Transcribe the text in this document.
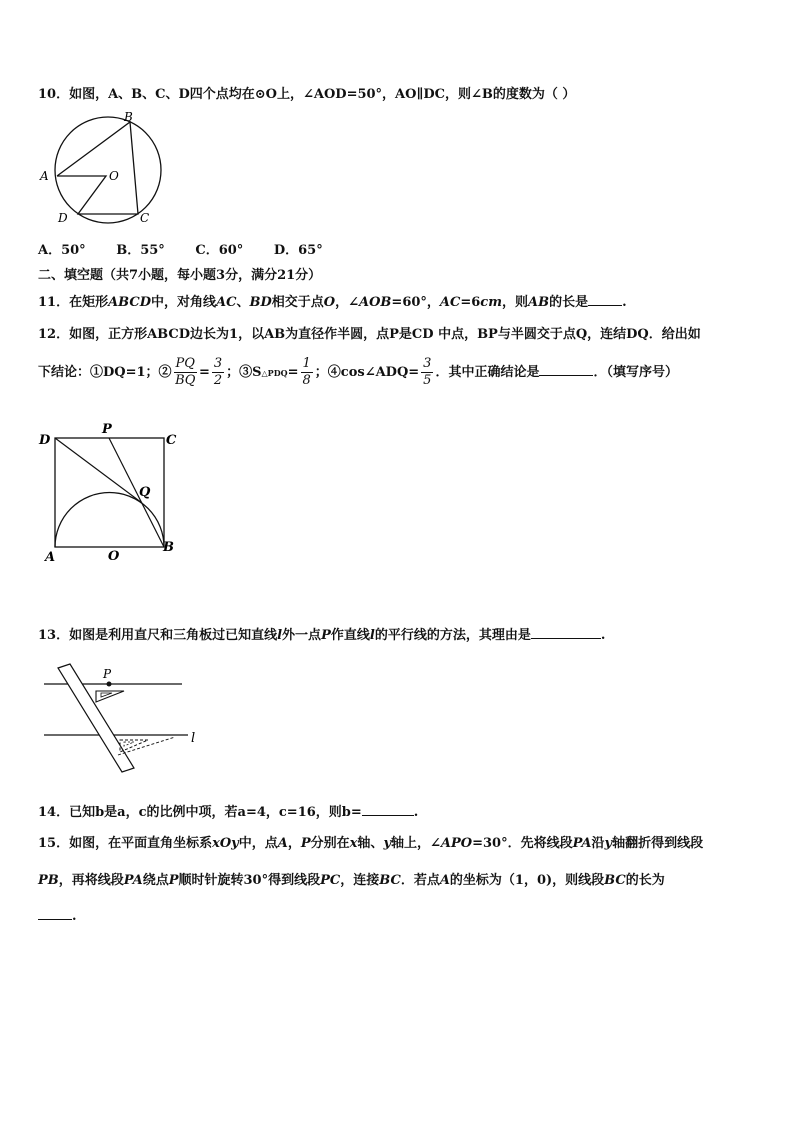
10．如图，A、B、C、D四个点均在⊙O上，∠AOD=50°，AO∥DC，则∠B的度数为（ ）
B
A	O
D	C
A．50° B．55° C．60° D．65°
二、填空题（共7小题，每小题3分，满分21分）
11．在矩形ABCD中，对角线AC、BD相交于点O，∠AOB=60°，AC=6cm，则AB的长是	.
12．如图，正方形ABCD边长为1，以AB为直径作半圆，点P是CD 中点，BP与半圆交于点Q，连结DQ．给出如
下结论：①DQ=1；② $\frac{PQ}{BQ} = \frac{3}{2}$ ；③S△PDQ= $\frac{1}{8}$ ；④cos∠ADQ= $\frac{3}{5}$ ．其中正确结论是	．（填写序号）
D
P
C
Q
A	O
B
13．如图是利用直尺和三角板过已知直线l外一点P作直线l的平行线的方法，其理由是	.
P
l
14．已知b是a，c的比例中项，若a=4，c=16，则b=	.
15．如图，在平面直角坐标系xOy中，点A，P分别在x轴、y轴上，∠APO=30°．先将线段PA沿y轴翻折得到线段
PB，再将线段PA绕点P顺时针旋转30°得到线段PC，连接BC．若点A的坐标为（1，0)，则线段BC的长为
.
